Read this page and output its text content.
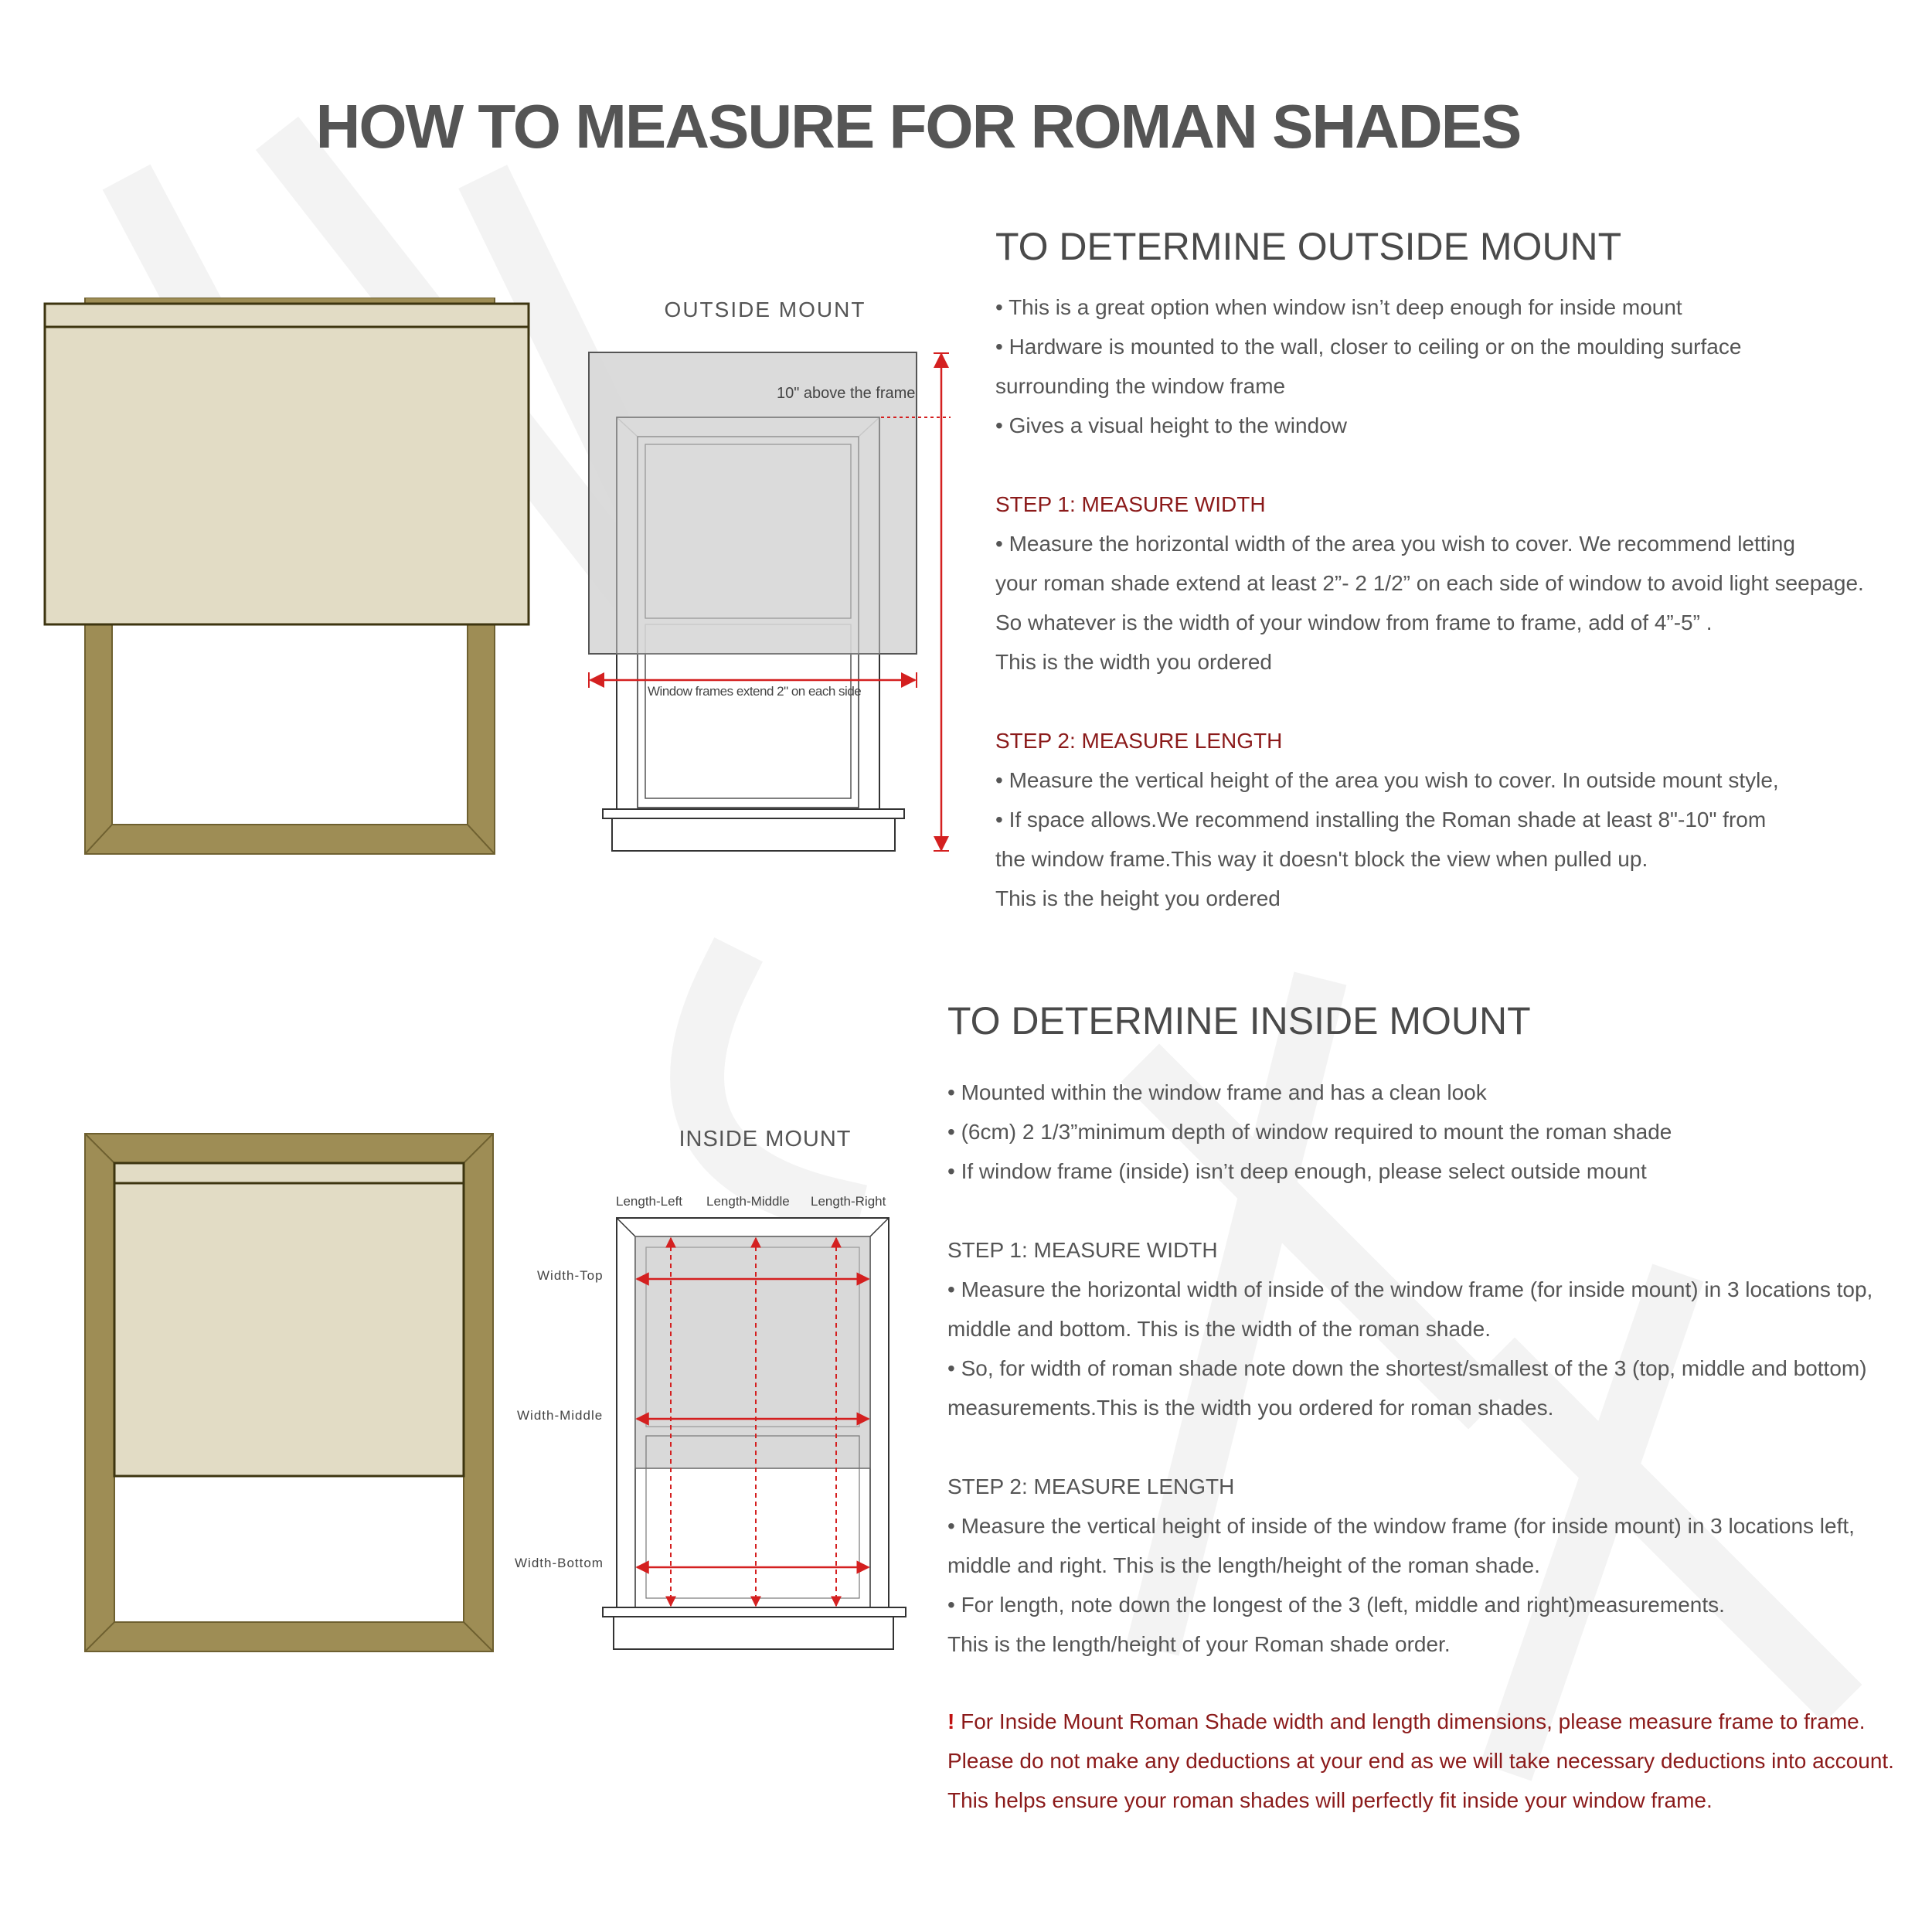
HOW TO MEASURE FOR ROMAN SHADES
OUTSIDE MOUNT
10" above the frame
Window frames extend 2" on each side
TO DETERMINE OUTSIDE MOUNT

• This is a great option when window isn’t deep enough for inside mount

• Hardware is mounted to the wall, closer to ceiling or on the moulding surface

surrounding the window frame

• Gives a visual height to the window

STEP 1: MEASURE WIDTH

• Measure the horizontal width of the area you wish to cover. We recommend letting

your roman shade extend at least 2”- 2 1/2” on each side of window to avoid light seepage.

So whatever is the width of your window from frame to frame, add of 4”-5” .

This is the width you ordered

STEP 2: MEASURE LENGTH

• Measure the vertical height of the area you wish to cover. In outside mount style,

• If space allows.We recommend installing the Roman shade at least 8"-10" from

the window frame.This way it doesn't block the view when pulled up.

This is the height you ordered

INSIDE MOUNT
Length-Left Length-Middle Length-Right
Width-Top
Width-Middle
Width-Bottom
TO DETERMINE INSIDE MOUNT

• Mounted within the window frame and has a clean look

• (6cm) 2 1/3”minimum depth of window required to mount the roman shade

• If window frame (inside) isn’t deep enough, please select outside mount

STEP 1: MEASURE WIDTH

• Measure the horizontal width of inside of the window frame (for inside mount) in 3 locations top,

middle and bottom. This is the width of the roman shade.

• So, for width of roman shade note down the shortest/smallest of the 3 (top, middle and bottom)

measurements.This is the width you ordered for roman shades.

STEP 2: MEASURE LENGTH

• Measure the vertical height of inside of the window frame (for inside mount) in 3 locations left,

middle and right. This is the length/height of the roman shade.

• For length, note down the longest of the 3 (left, middle and right)measurements.

This is the length/height of your Roman shade order.

! For Inside Mount Roman Shade width and length dimensions, please measure frame to frame.

Please do not make any deductions at your end as we will take necessary deductions into account.

This helps ensure your roman shades will perfectly fit inside your window frame.
